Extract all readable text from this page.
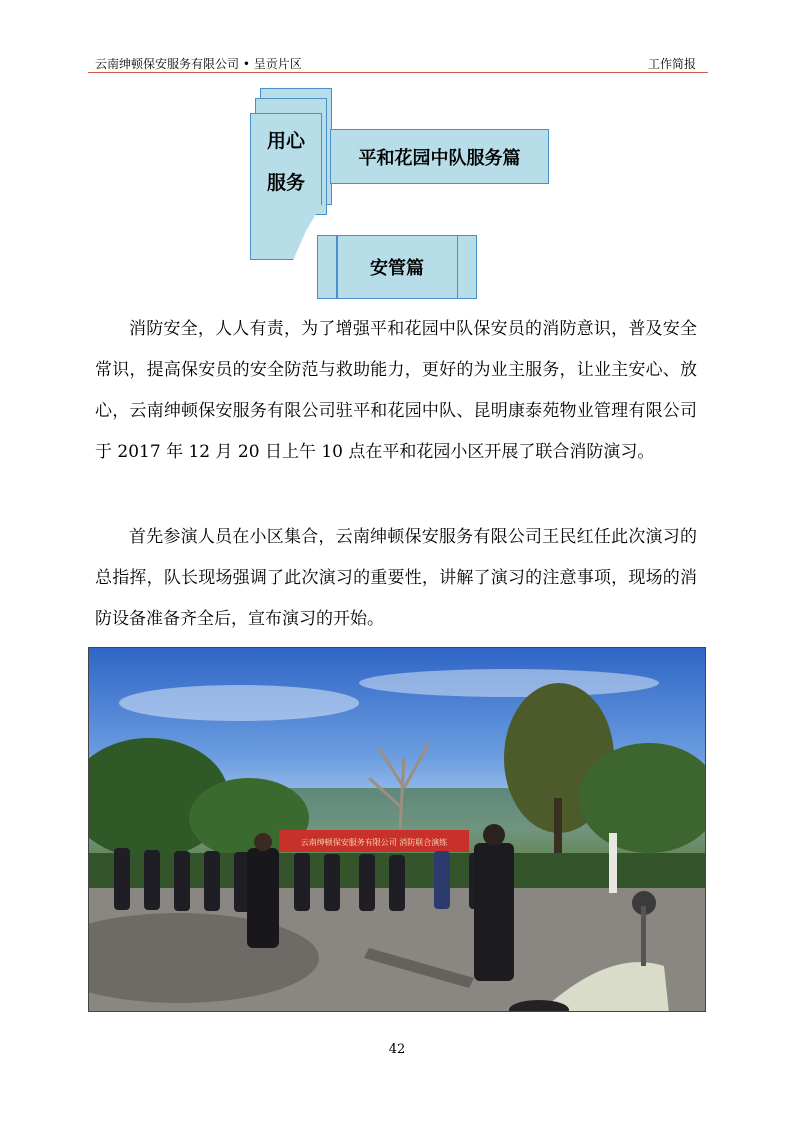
云南绅顿保安服务有限公司 • 呈贡片区	工作简报
用心
服务
平和花园中队服务篇
安管篇
消防安全，人人有责，为了增强平和花园中队保安员的消防意识，普及安全常识，提高保安员的安全防范与救助能力，更好的为业主服务，让业主安心、放心，云南绅顿保安服务有限公司驻平和花园中队、昆明康泰苑物业管理有限公司于 2017 年 12 月 20 日上午 10 点在平和花园小区开展了联合消防演习。
首先参演人员在小区集合，云南绅顿保安服务有限公司王民红任此次演习的总指挥，队长现场强调了此次演习的重要性，讲解了演习的注意事项，现场的消防设备准备齐全后，宣布演习的开始。
云南绅顿保安服务有限公司 消防联合演练
42
